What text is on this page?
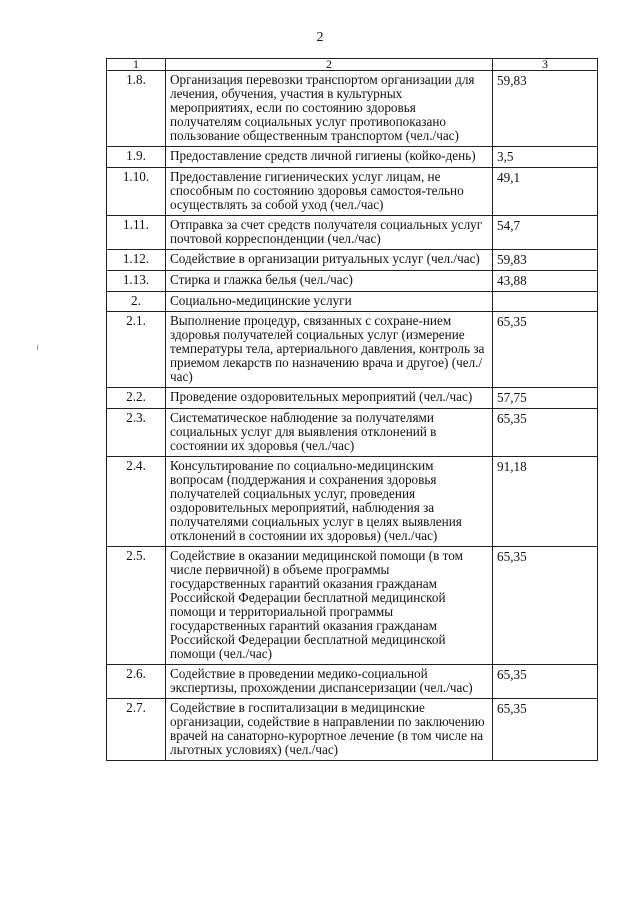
2
1	2	3
1.8.	Организация перевозки транспортом организации для лечения, обучения, участия в культурных мероприятиях, если по состоянию здоровья получателям социальных услуг противопоказано пользование общественным транспортом (чел./час)	59,83

1.9.	Предоставление средств личной гигиены (койко-день)	3,5

1.10.	Предоставление гигиенических услуг лицам, не способным по состоянию здоровья самостоя-тельно осуществлять за собой уход (чел./час)	49,1

1.11.	Отправка за счет средств получателя социальных услуг почтовой корреспонденции (чел./час)	54,7

1.12.	Содействие в организации ритуальных услуг (чел./час)	59,83

1.13.	Стирка и глажка белья (чел./час)	43,88

2.	Социально-медицинские услуги	

2.1.	Выполнение процедур, связанных с сохране-нием здоровья получателей социальных услуг (измерение температуры тела, артериального давления, контроль за приемом лекарств по назначению врача и другое) (чел./час)	65,35

2.2.	Проведение оздоровительных мероприятий (чел./час)	57,75

2.3.	Систематическое наблюдение за получателями социальных услуг для выявления отклонений в состоянии их здоровья (чел./час)	65,35

2.4.	Консультирование по социально-медицинским вопросам (поддержания и сохранения здоровья получателей социальных услуг, проведения оздоровительных мероприятий, наблюдения за получателями социальных услуг в целях выявления отклонений в состоянии их здоровья) (чел./час)	91,18

2.5.	Содействие в оказании медицинской помощи (в том числе первичной) в объеме программы государственных гарантий оказания гражданам Российской Федерации бесплатной медицинской помощи и территориальной программы государственных гарантий оказания гражданам Российской Федерации бесплатной медицинской помощи (чел./час)	65,35

2.6.	Содействие в проведении медико-социальной экспертизы, прохождении диспансеризации (чел./час)	65,35

2.7.	Содействие в госпитализации в медицинские организации, содействие в направлении по заключению врачей на санаторно-курортное лечение (в том числе на льготных условиях) (чел./час)	65,35
